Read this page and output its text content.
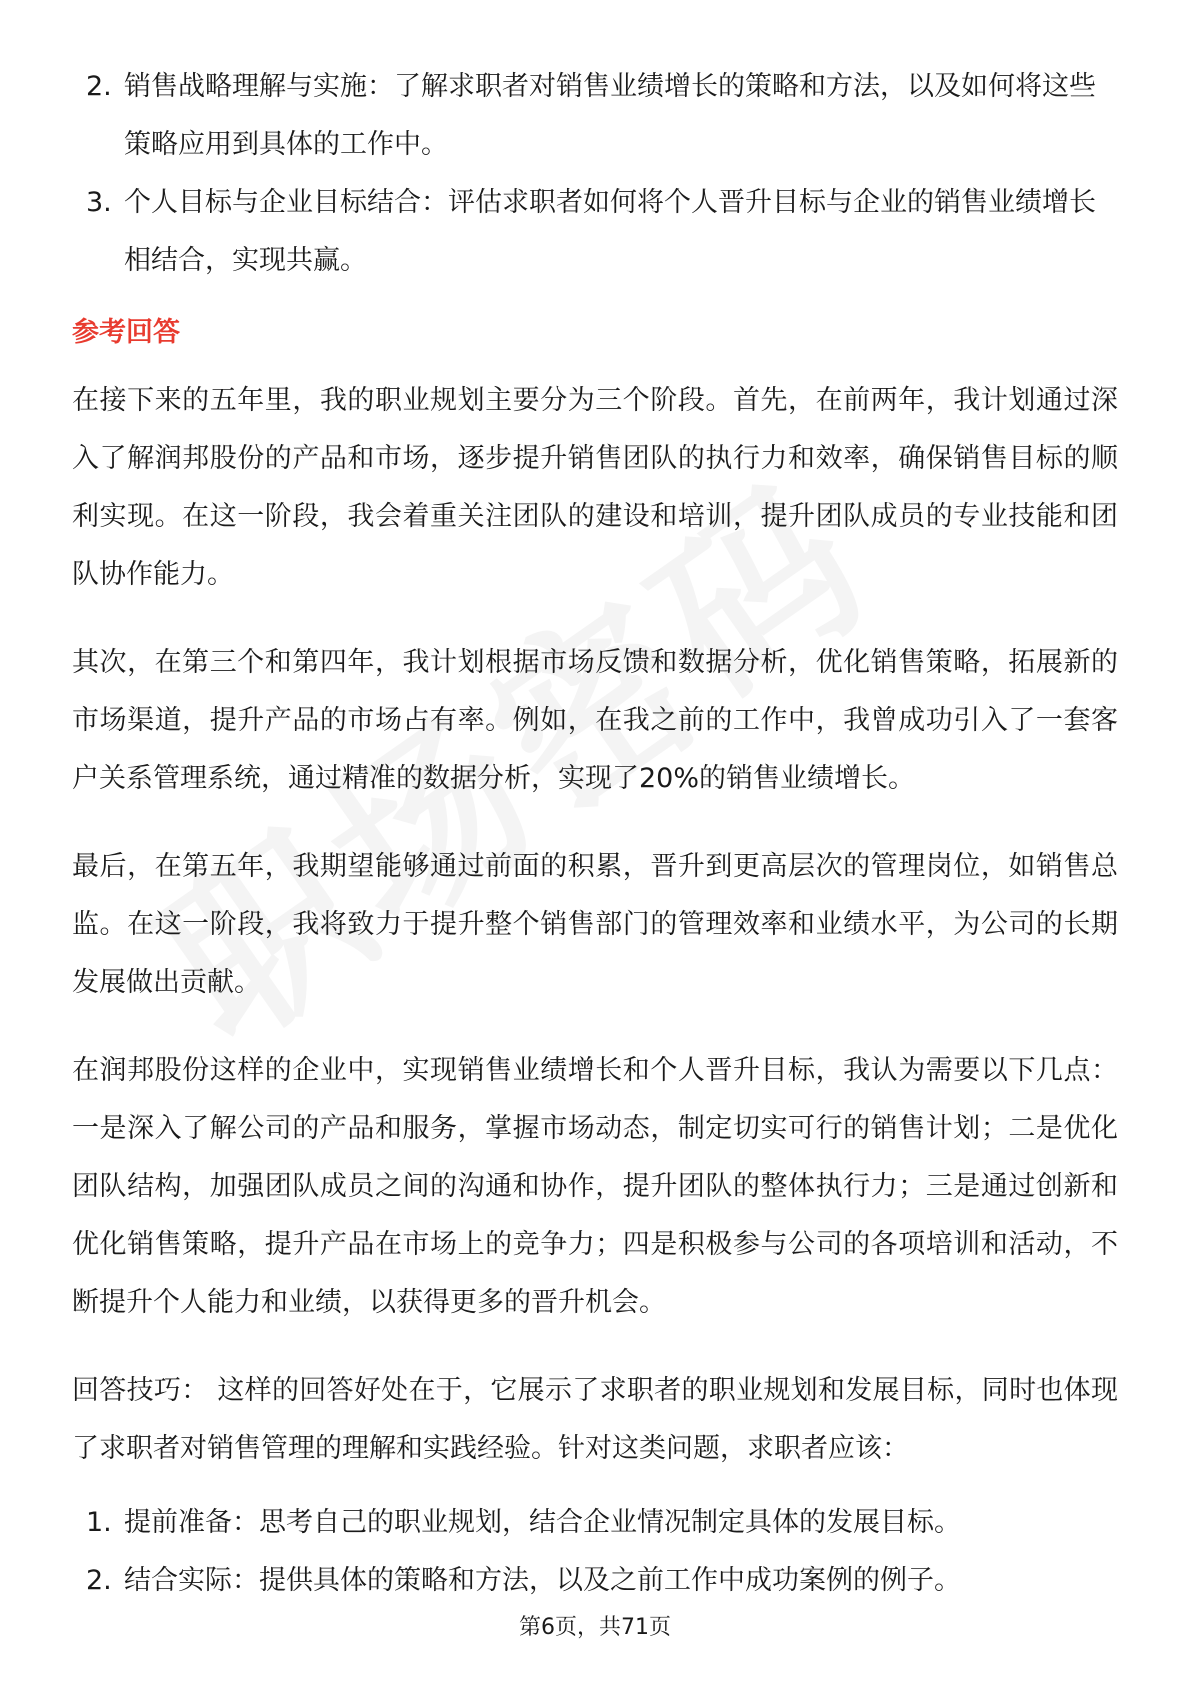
2. 销售战略理解与实施：了解求职者对销售业绩增长的策略和方法，以及如何将这些策略应用到具体的工作中。
3. 个人目标与企业目标结合：评估求职者如何将个人晋升目标与企业的销售业绩增长相结合，实现共赢。
参考回答

在接下来的五年里，我的职业规划主要分为三个阶段。首先，在前两年，我计划通过深入了解润邦股份的产品和市场，逐步提升销售团队的执行力和效率，确保销售目标的顺利实现。在这一阶段，我会着重关注团队的建设和培训，提升团队成员的专业技能和团队协作能力。

其次，在第三个和第四年，我计划根据市场反馈和数据分析，优化销售策略，拓展新的市场渠道，提升产品的市场占有率。例如，在我之前的工作中，我曾成功引入了一套客户关系管理系统，通过精准的数据分析，实现了20%的销售业绩增长。

最后，在第五年，我期望能够通过前面的积累，晋升到更高层次的管理岗位，如销售总监。在这一阶段，我将致力于提升整个销售部门的管理效率和业绩水平，为公司的长期发展做出贡献。

在润邦股份这样的企业中，实现销售业绩增长和个人晋升目标，我认为需要以下几点：一是深入了解公司的产品和服务，掌握市场动态，制定切实可行的销售计划；二是优化团队结构，加强团队成员之间的沟通和协作，提升团队的整体执行力；三是通过创新和优化销售策略，提升产品在市场上的竞争力；四是积极参与公司的各项培训和活动，不断提升个人能力和业绩，以获得更多的晋升机会。

回答技巧： 这样的回答好处在于，它展示了求职者的职业规划和发展目标，同时也体现了求职者对销售管理的理解和实践经验。针对这类问题，求职者应该：

1. 提前准备：思考自己的职业规划，结合企业情况制定具体的发展目标。
2. 结合实际：提供具体的策略和方法，以及之前工作中成功案例的例子。
第6页，共71页
